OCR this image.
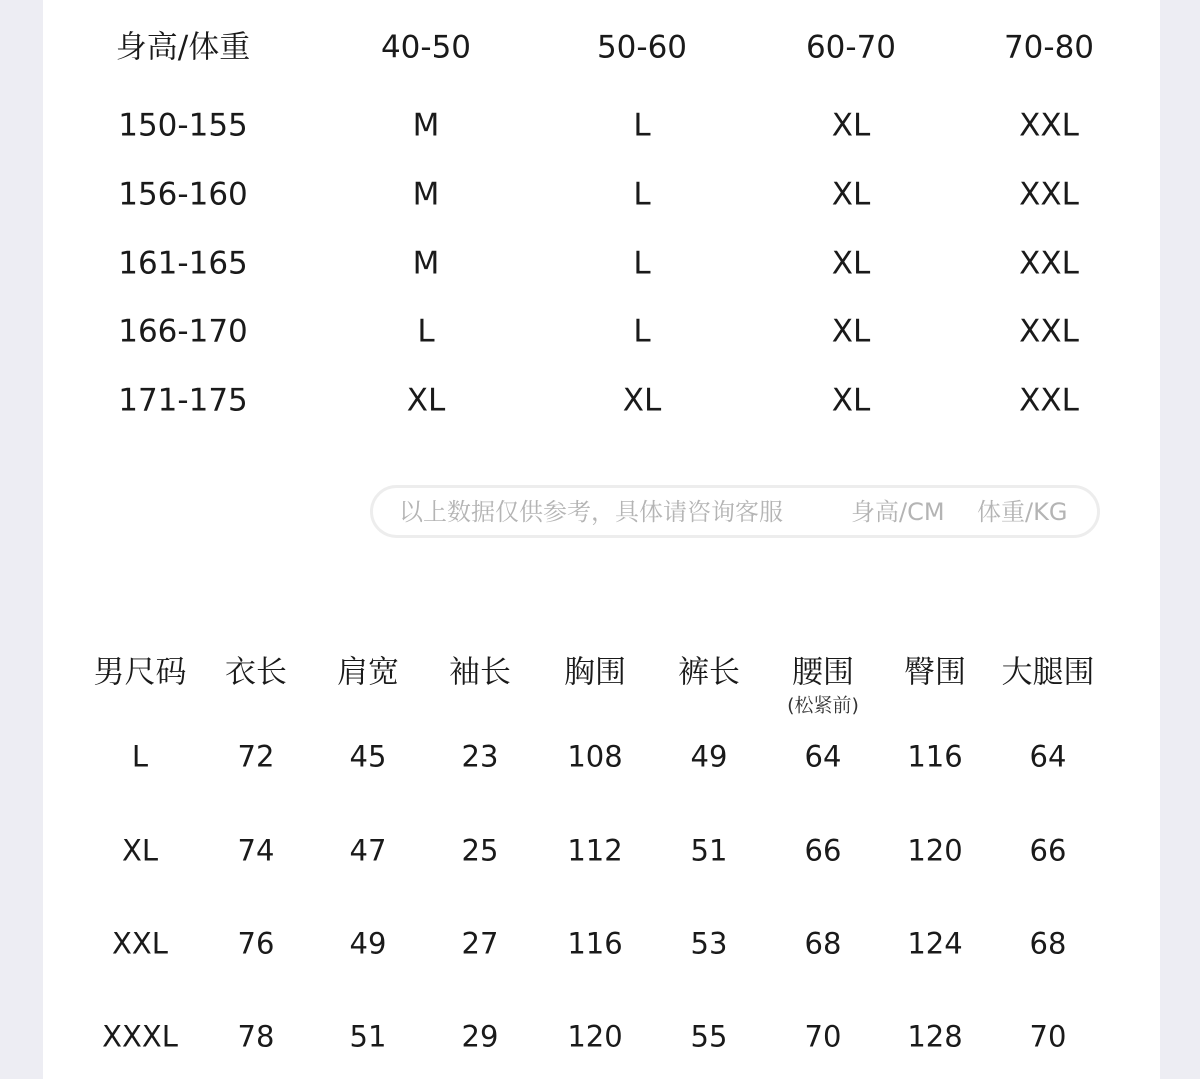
身高/体重	40-50	50-60	60-70	70-80
150-155	M	L	XL	XXL
156-160	M	L	XL	XXL
161-165	M	L	XL	XXL
166-170	L	L	XL	XXL
171-175	XL	XL	XL	XXL
以上数据仅供参考，具体请咨询客服	身高/CM 体重/KG
男尺码 衣长 肩宽 袖长 胸围 裤长 腰围 臀围 大腿围
(松紧前)
L	72	45	23 108 49	64 116 64
XL	74	47	25 112 51	66 120 66
XXL 76	49	27 116 53	68 124 68
XXXL 78	51	29 120 55	70 128 70
